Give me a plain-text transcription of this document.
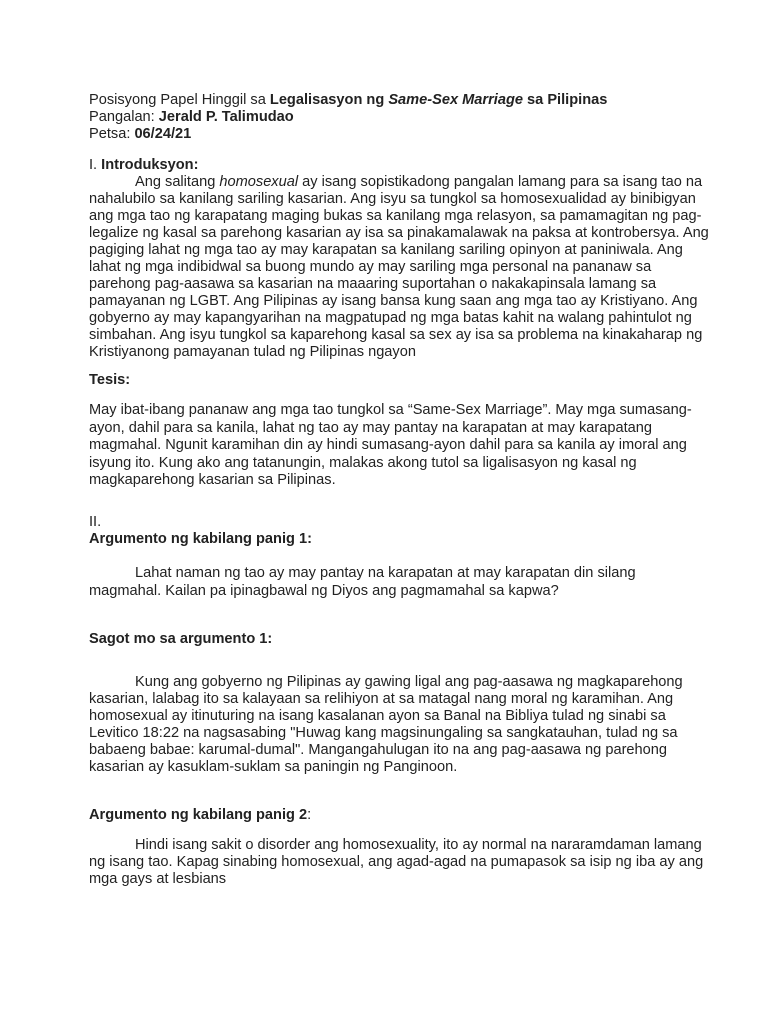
Posisyong Papel Hinggil sa Legalisasyon ng Same-Sex Marriage sa Pilipinas
Pangalan: Jerald P. Talimudao
Petsa: 06/24/21
I. Introduksyon:
Ang salitang homosexual ay isang sopistikadong pangalan lamang para sa isang tao na
nahalubilo sa kanilang sariling kasarian. Ang isyu sa tungkol sa homosexualidad ay binibigyan
ang mga tao ng karapatang maging bukas sa kanilang mga relasyon, sa pamamagitan ng pag-
legalize ng kasal sa parehong kasarian ay isa sa pinakamalawak na paksa at kontrobersya. Ang
pagiging lahat ng mga tao ay may karapatan sa kanilang sariling opinyon at paniniwala. Ang
lahat ng mga indibidwal sa buong mundo ay may sariling mga personal na pananaw sa
parehong pag-aasawa sa kasarian na maaaring suportahan o nakakapinsala lamang sa
pamayanan ng LGBT. Ang Pilipinas ay isang bansa kung saan ang mga tao ay Kristiyano. Ang
gobyerno ay may kapangyarihan na magpatupad ng mga batas kahit na walang pahintulot ng
simbahan. Ang isyu tungkol sa kaparehong kasal sa sex ay isa sa problema na kinakaharap ng
Kristiyanong pamayanan tulad ng Pilipinas ngayon
Tesis:
May ibat-ibang pananaw ang mga tao tungkol sa “Same-Sex Marriage”. May mga sumasang-
ayon, dahil para sa kanila, lahat ng tao ay may pantay na karapatan at may karapatang
magmahal. Ngunit karamihan din ay hindi sumasang-ayon dahil para sa kanila ay imoral ang
isyung ito. Kung ako ang tatanungin, malakas akong tutol sa ligalisasyon ng kasal ng
magkaparehong kasarian sa Pilipinas.
II.
Argumento ng kabilang panig 1:
Lahat naman ng tao ay may pantay na karapatan at may karapatan din silang
magmahal. Kailan pa ipinagbawal ng Diyos ang pagmamahal sa kapwa?
Sagot mo sa argumento 1:
Kung ang gobyerno ng Pilipinas ay gawing ligal ang pag-aasawa ng magkaparehong
kasarian, lalabag ito sa kalayaan sa relihiyon at sa matagal nang moral ng karamihan. Ang
homosexual ay itinuturing na isang kasalanan ayon sa Banal na Bibliya tulad ng sinabi sa
Levitico 18:22 na nagsasabing "Huwag kang magsinungaling sa sangkatauhan, tulad ng sa
babaeng babae: karumal-dumal". Mangangahulugan ito na ang pag-aasawa ng parehong
kasarian ay kasuklam-suklam sa paningin ng Panginoon.
Argumento ng kabilang panig 2:
Hindi isang sakit o disorder ang homosexuality, ito ay normal na nararamdaman lamang
ng isang tao. Kapag sinabing homosexual, ang agad-agad na pumapasok sa isip ng iba ay ang
mga gays at lesbians
